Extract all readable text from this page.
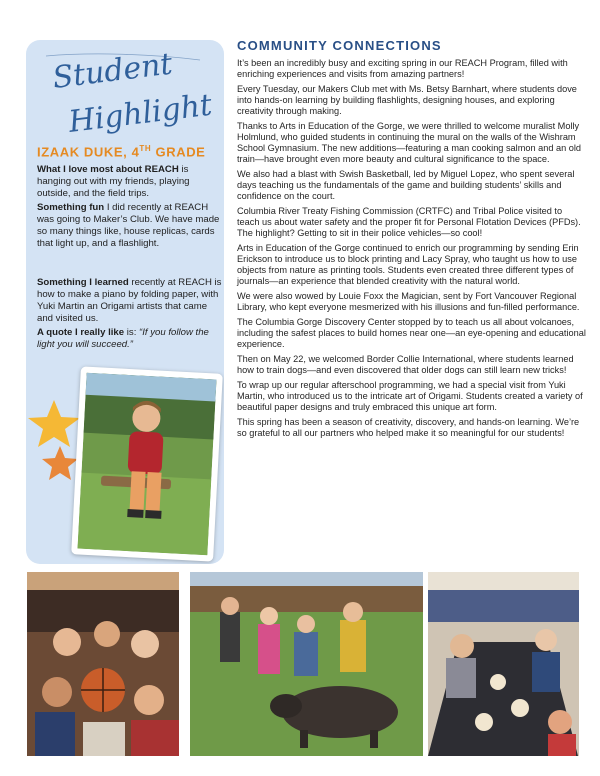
Student
Highlight
IZAAK DUKE, 4TH GRADE
What I love most about REACH is hanging out with my friends, playing outside, and the field trips.
Something fun I did recently at REACH was going to Maker’s Club. We have made so many things like, house replicas, cards that light up, and a flashlight.
Something I learned recently at REACH is how to make a piano by folding paper, with Yuki Martin an Origami artists that came and visited us.
A quote I really like is: “If you follow the light you will succeed.”
COMMUNITY CONNECTIONS

It’s been an incredibly busy and exciting spring in our REACH Program, filled with enriching experiences and visits from amazing partners!

Every Tuesday, our Makers Club met with Ms. Betsy Barnhart, where students dove into hands-on learning by building flashlights, designing houses, and exploring creativity through making.

Thanks to Arts in Education of the Gorge, we were thrilled to welcome muralist Molly Holmlund, who guided students in continuing the mural on the walls of the Wishram School Gymnasium. The new additions—featuring a man cooking salmon and an old train—have brought even more beauty and cultural significance to the space.

We also had a blast with Swish Basketball, led by Miguel Lopez, who spent several days teaching us the fundamentals of the game and building students’ skills and confidence on the court.

Columbia River Treaty Fishing Commission (CRTFC) and Tribal Police visited to teach us about water safety and the proper fit for Personal Flotation Devices (PFDs). The highlight? Getting to sit in their police vehicles—so cool!

Arts in Education of the Gorge continued to enrich our programming by sending Erin Erickson to introduce us to block printing and Lacy Spray, who taught us how to use objects from nature as printing tools. Students even created three different types of journals—an experience that blended creativity with the natural world.

We were also wowed by Louie Foxx the Magician, sent by Fort Vancouver Regional Library, who kept everyone mesmerized with his illusions and fun-filled performance.

The Columbia Gorge Discovery Center stopped by to teach us all about volcanoes, including the safest places to build homes near one—an eye-opening and educational experience.

Then on May 22, we welcomed Border Collie International, where students learned how to train dogs—and even discovered that older dogs can still learn new tricks!

To wrap up our regular afterschool programming, we had a special visit from Yuki Martin, who introduced us to the intricate art of Origami. Students created a variety of beautiful paper designs and truly embraced this unique art form.

This spring has been a season of creativity, discovery, and hands-on learning. We’re so grateful to all our partners who helped make it so meaningful for our students!
